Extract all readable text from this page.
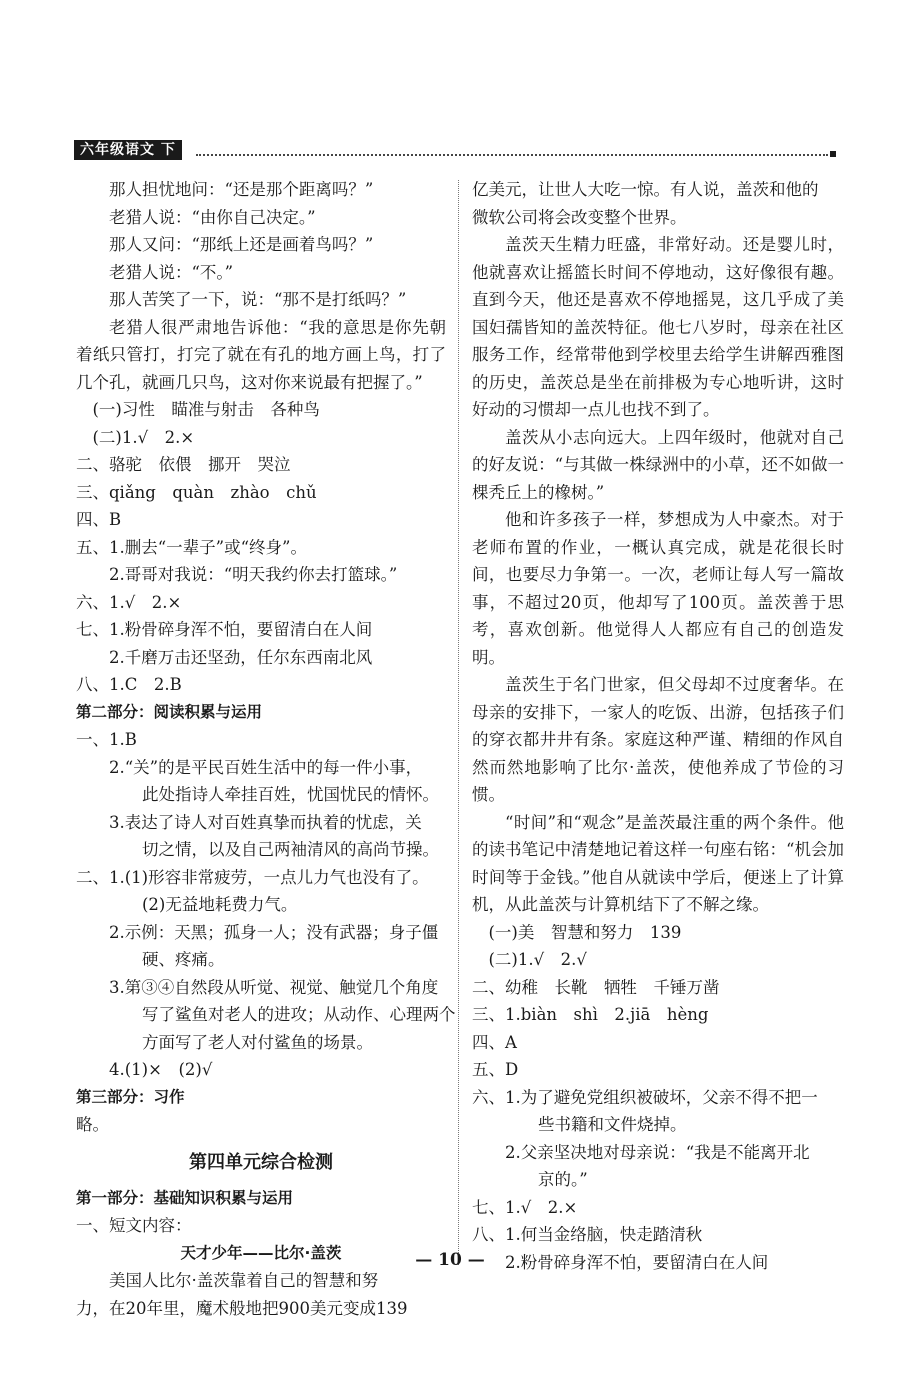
六年级语文 下
那人担忧地问：“还是那个距离吗？”
老猎人说：“由你自己决定。”
那人又问：“那纸上还是画着鸟吗？”
老猎人说：“不。”
那人苦笑了一下，说：“那不是打纸吗？”
老猎人很严肃地告诉他：“我的意思是你先朝着纸只管打，打完了就在有孔的地方画上鸟，打了几个孔，就画几只鸟，这对你来说最有把握了。”
(一)习性　瞄准与射击　各种鸟
(二)1.√　2.×
二、骆驼　依偎　挪开　哭泣
三、qiǎng　quàn　zhào　chǔ
四、B
五、1.删去“一辈子”或“终身”。
2.哥哥对我说：“明天我约你去打篮球。”
六、1.√　2.×
七、1.粉骨碎身浑不怕，要留清白在人间
2.千磨万击还坚劲，任尔东西南北风
八、1.C　2.B
第二部分：阅读积累与运用
一、1.B
2.“关”的是平民百姓生活中的每一件小事，
此处指诗人牵挂百姓，忧国忧民的情怀。
3.表达了诗人对百姓真挚而执着的忧虑，关
切之情，以及自己两袖清风的高尚节操。
二、1.(1)形容非常疲劳，一点儿力气也没有了。
(2)无益地耗费力气。
2.示例：天黑；孤身一人；没有武器；身子僵
硬、疼痛。
3.第③④自然段从听觉、视觉、触觉几个角度
写了鲨鱼对老人的进攻；从动作、心理两个
方面写了老人对付鲨鱼的场景。
4.(1)×　(2)√
第三部分：习作
略。
第四单元综合检测
第一部分：基础知识积累与运用
一、短文内容：
天才少年——比尔·盖茨
美国人比尔·盖茨靠着自己的智慧和努
力，在20年里，魔术般地把900美元变成139
亿美元，让世人大吃一惊。有人说，盖茨和他的
微软公司将会改变整个世界。
盖茨天生精力旺盛，非常好动。还是婴儿时，他就喜欢让摇篮长时间不停地动，这好像很有趣。直到今天，他还是喜欢不停地摇晃，这几乎成了美国妇孺皆知的盖茨特征。他七八岁时，母亲在社区服务工作，经常带他到学校里去给学生讲解西雅图的历史，盖茨总是坐在前排极为专心地听讲，这时好动的习惯却一点儿也找不到了。
盖茨从小志向远大。上四年级时，他就对自己的好友说：“与其做一株绿洲中的小草，还不如做一棵秃丘上的橡树。”
他和许多孩子一样，梦想成为人中豪杰。对于老师布置的作业，一概认真完成，就是花很长时间，也要尽力争第一。一次，老师让每人写一篇故事，不超过20页，他却写了100页。盖茨善于思考，喜欢创新。他觉得人人都应有自己的创造发明。
盖茨生于名门世家，但父母却不过度奢华。在母亲的安排下，一家人的吃饭、出游，包括孩子们的穿衣都井井有条。家庭这种严谨、精细的作风自然而然地影响了比尔·盖茨，使他养成了节俭的习惯。
“时间”和“观念”是盖茨最注重的两个条件。他的读书笔记中清楚地记着这样一句座右铭：“机会加时间等于金钱。”他自从就读中学后，便迷上了计算机，从此盖茨与计算机结下了不解之缘。
(一)美　智慧和努力　139
(二)1.√　2.√
二、幼稚　长靴　牺牲　千锤万凿
三、1.biàn　shì　2.jiā　hèng
四、A
五、D
六、1.为了避免党组织被破坏，父亲不得不把一
些书籍和文件烧掉。
2.父亲坚决地对母亲说：“我是不能离开北
京的。”
七、1.√　2.×
八、1.何当金络脑，快走踏清秋
2.粉骨碎身浑不怕，要留清白在人间
— 10 —
